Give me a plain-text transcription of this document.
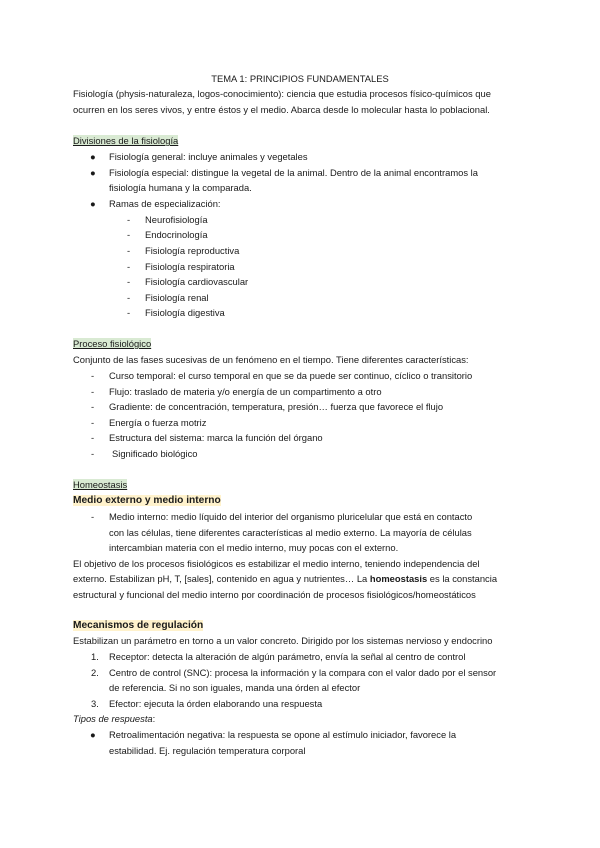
TEMA 1: PRINCIPIOS FUNDAMENTALES
Fisiología (physis-naturaleza, logos-conocimiento): ciencia que estudia procesos físico-químicos que
ocurren en los seres vivos, y entre éstos y el medio. Abarca desde lo molecular hasta lo poblacional.
Divisiones de la fisiología
● Fisiología general: incluye animales y vegetales
● Fisiología especial: distingue la vegetal de la animal. Dentro de la animal encontramos la
fisiología humana y la comparada.
● Ramas de especialización:
- Neurofisiología
- Endocrinología
- Fisiología reproductiva
- Fisiología respiratoria
- Fisiología cardiovascular
- Fisiología renal
- Fisiología digestiva
Proceso fisiológico
Conjunto de las fases sucesivas de un fenómeno en el tiempo. Tiene diferentes características:
- Curso temporal: el curso temporal en que se da puede ser continuo, cíclico o transitorio
- Flujo: traslado de materia y/o energía de un compartimento a otro
- Gradiente: de concentración, temperatura, presión… fuerza que favorece el flujo
- Energía o fuerza motriz
- Estructura del sistema: marca la función del órgano
- Significado biológico
Homeostasis
Medio externo y medio interno
- Medio interno: medio líquido del interior del organismo pluricelular que está en contacto
con las células, tiene diferentes características al medio externo. La mayoría de células
intercambian materia con el medio interno, muy pocas con el externo.
El objetivo de los procesos fisiológicos es estabilizar el medio interno, teniendo independencia del
externo. Estabilizan pH, T, [sales], contenido en agua y nutrientes… La homeostasis es la constancia
estructural y funcional del medio interno por coordinación de procesos fisiológicos/homeostáticos
Mecanismos de regulación
Estabilizan un parámetro en torno a un valor concreto. Dirigido por los sistemas nervioso y endocrino
1. Receptor: detecta la alteración de algún parámetro, envía la señal al centro de control
2. Centro de control (SNC): procesa la información y la compara con el valor dado por el sensor
de referencia. Si no son iguales, manda una órden al efector
3. Efector: ejecuta la órden elaborando una respuesta
Tipos de respuesta:
● Retroalimentación negativa: la respuesta se opone al estímulo iniciador, favorece la
estabilidad. Ej. regulación temperatura corporal
